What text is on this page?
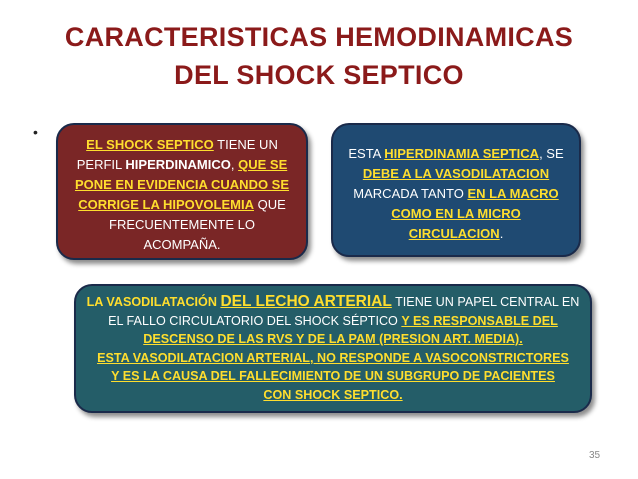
CARACTERISTICAS HEMODINAMICAS
DEL SHOCK SEPTICO
•
EL SHOCK SEPTICO TIENE UN
PERFIL HIPERDINAMICO, QUE SE
PONE EN EVIDENCIA CUANDO SE
CORRIGE LA HIPOVOLEMIA QUE
FRECUENTEMENTE LO
ACOMPAÑA.
ESTA HIPERDINAMIA SEPTICA, SE
DEBE A LA VASODILATACION
MARCADA TANTO EN LA MACRO
COMO EN LA MICRO
CIRCULACION.
LA VASODILATACIÓN DEL LECHO ARTERIAL TIENE UN PAPEL CENTRAL EN
EL FALLO CIRCULATORIO DEL SHOCK SÉPTICO Y ES RESPONSABLE DEL
DESCENSO DE LAS RVS Y DE LA PAM (PRESION ART. MEDIA).
ESTA VASODILATACION ARTERIAL, NO RESPONDE A VASOCONSTRICTORES
Y ES LA CAUSA DEL FALLECIMIENTO DE UN SUBGRUPO DE PACIENTES
CON SHOCK SEPTICO.
35
